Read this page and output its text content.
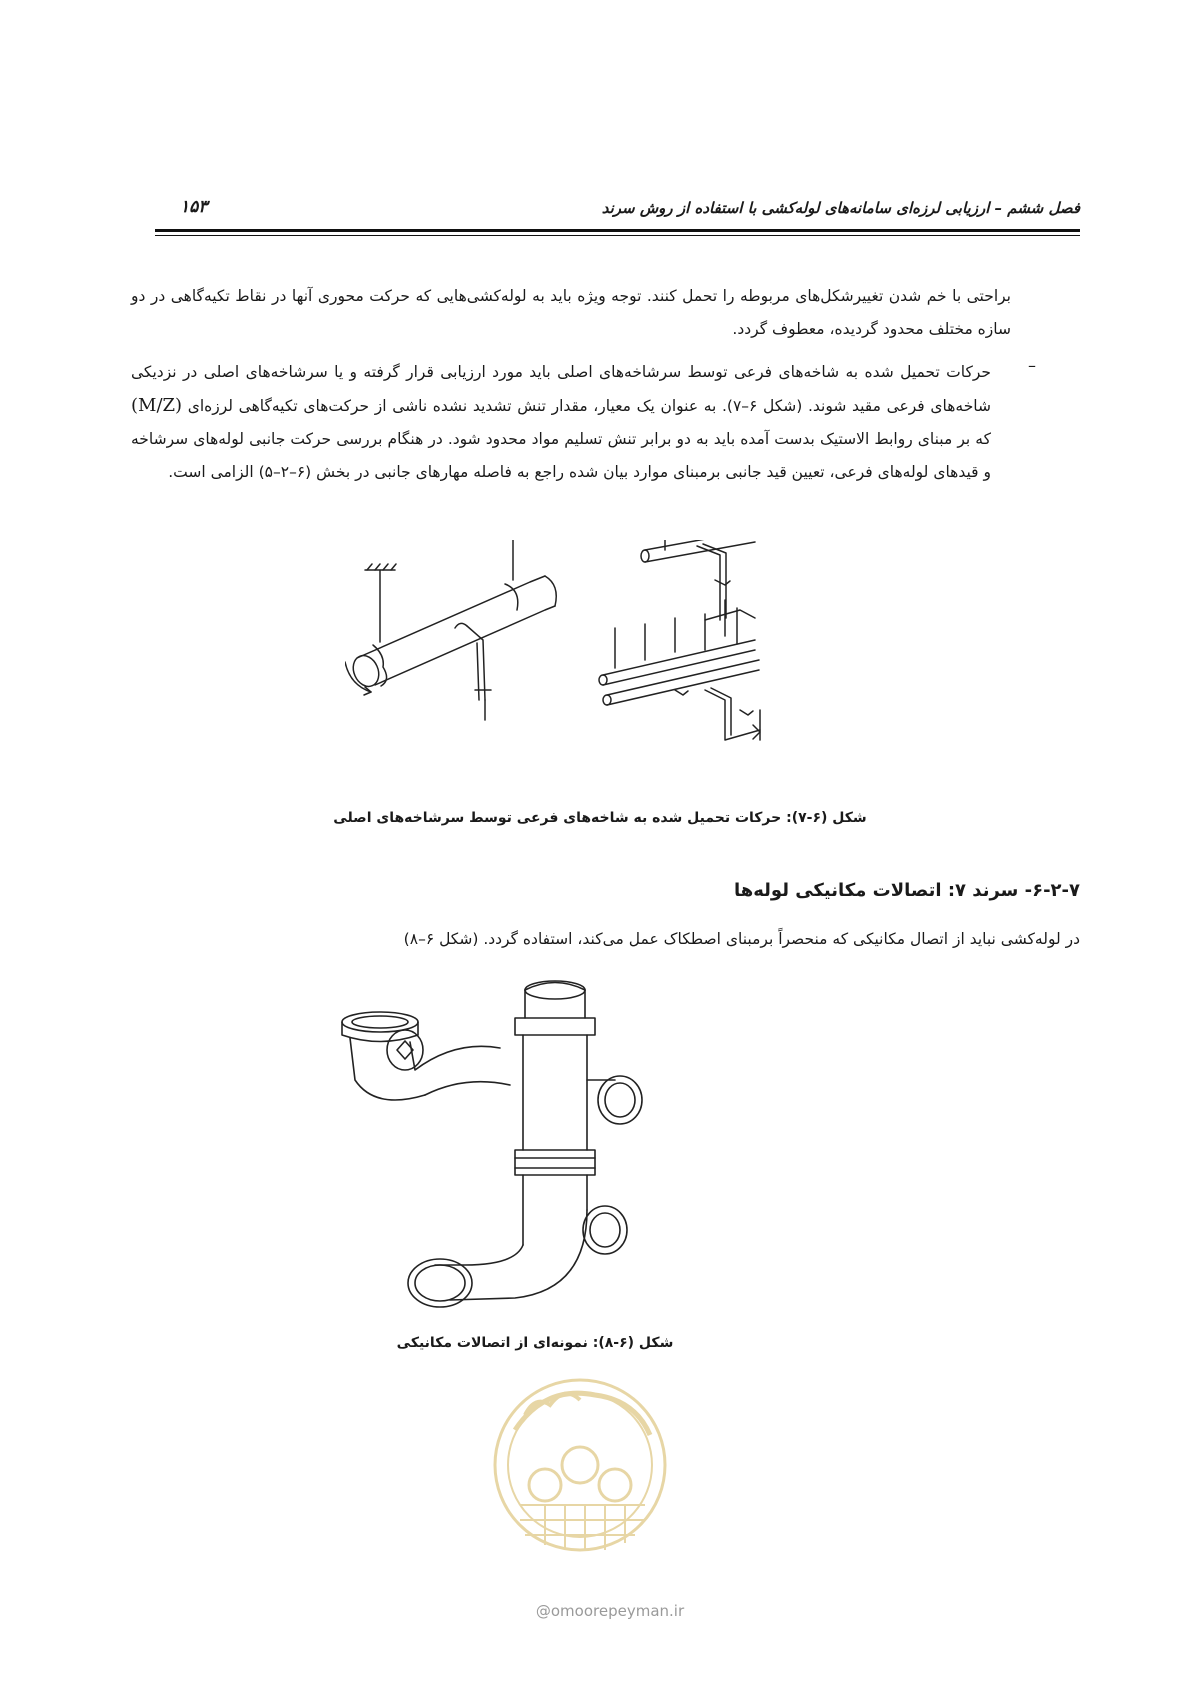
فصل ششم – ارزیابی لرزه‌ای سامانه‌های لوله‌کشی با استفاده از روش سرند
۱۵۳
براحتی با خم شدن تغییرشکل‌های مربوطه را تحمل کنند. توجه ویژه باید به لوله‌کشی‌هایی که حرکت محوری آنها در نقاط تکیه‌گاهی در دو سازه مختلف محدود گردیده، معطوف گردد.
–
حرکات تحمیل شده به شاخه‌های فرعی توسط سرشاخه‌های اصلی باید مورد ارزیابی قرار گرفته و یا سرشاخه‌های اصلی در نزدیکی شاخه‌های فرعی مقید شوند. (شکل ۶–۷). به عنوان یک معیار، مقدار تنش تشدید نشده ناشی از حرکت‌های تکیه‌گاهی لرزه‌ای (M/Z) که بر مبنای روابط الاستیک بدست آمده باید به دو برابر تنش تسلیم مواد محدود شود. در هنگام بررسی حرکت جانبی لوله‌های سرشاخه و قیدهای لوله‌های فرعی، تعیین قید جانبی برمبنای موارد بیان شده راجع به فاصله مهارهای جانبی در بخش (۶–۲–۵) الزامی است.
شکل (۶-۷): حرکات تحمیل شده به شاخه‌های فرعی توسط سرشاخه‌های اصلی
۶-۲-۷- سرند ۷: اتصالات مکانیکی لوله‌ها
در لوله‌کشی نباید از اتصال مکانیکی که منحصراً برمبنای اصطکاک عمل می‌کند، استفاده گردد. (شکل ۶–۸)
شکل (۶-۸): نمونه‌ای از اتصالات مکانیکی
@omoorepeyman.ir
